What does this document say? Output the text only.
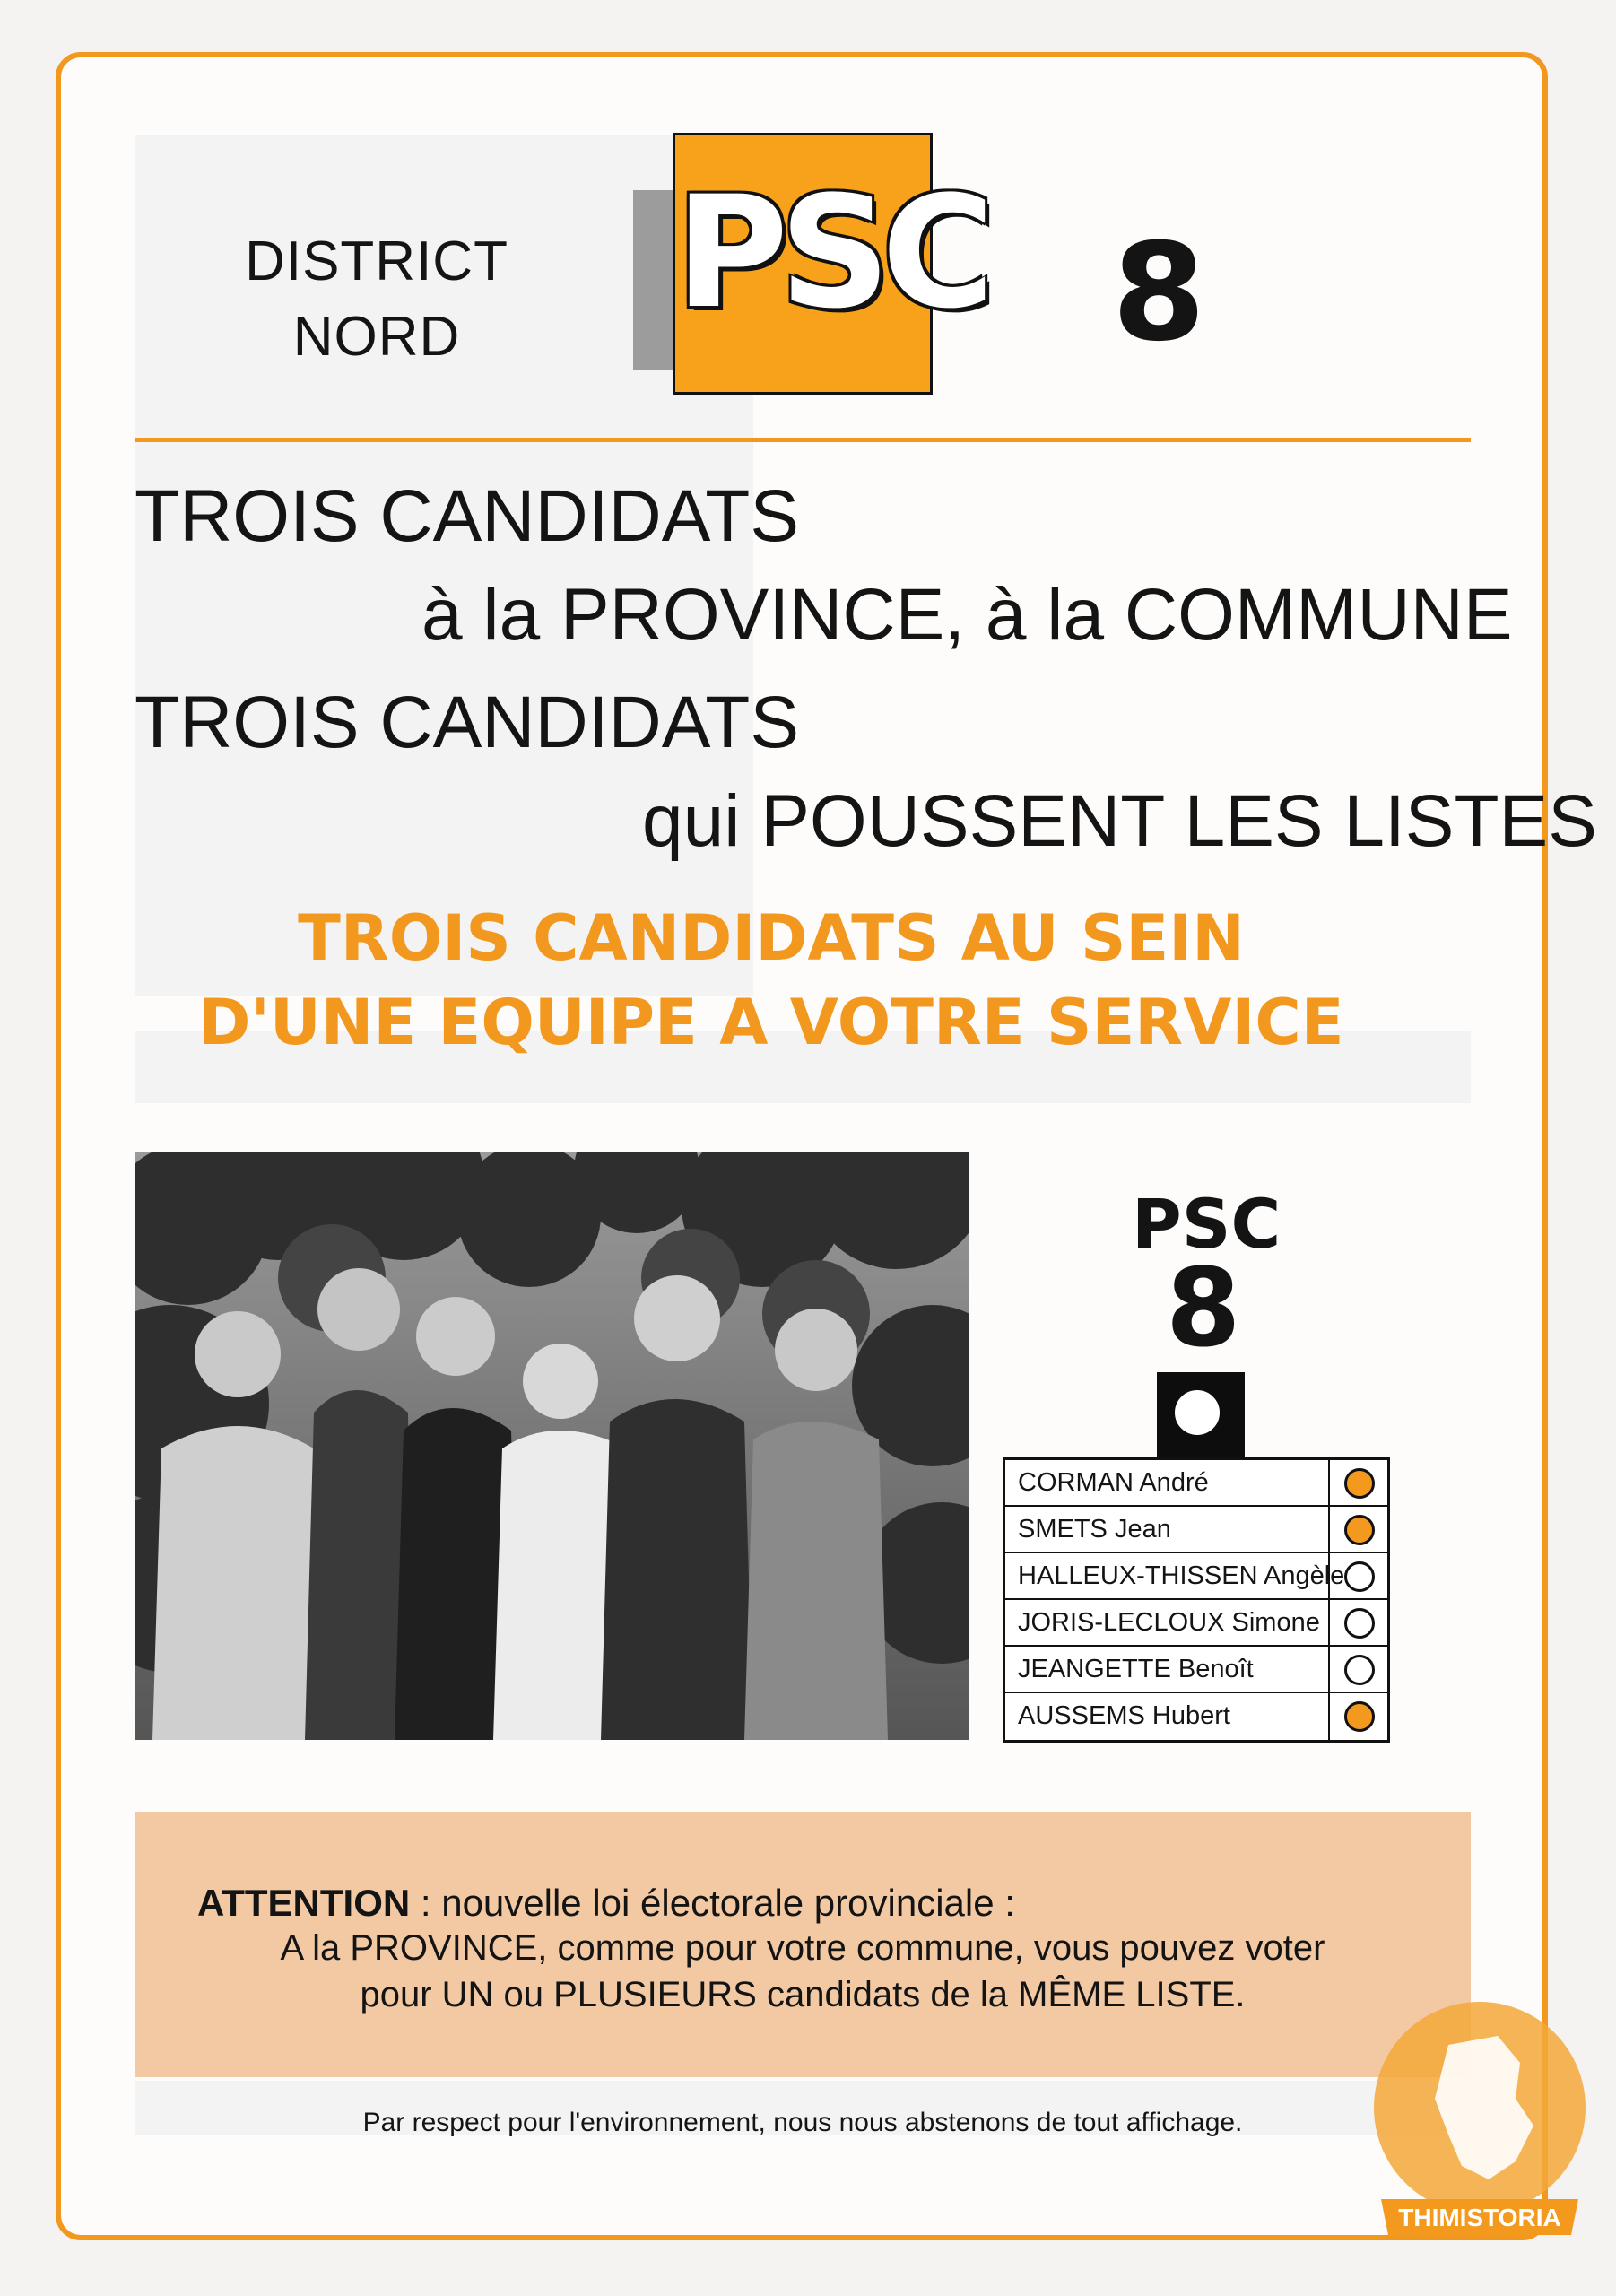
DISTRICT
NORD	PSC 8
TROIS CANDIDATS
à la PROVINCE, à la COMMUNE
TROIS CANDIDATS
qui POUSSENT LES LISTES
TROIS CANDIDATS AU SEIN
D'UNE EQUIPE A VOTRE SERVICE
PSC
8
CORMAN André
SMETS Jean
HALLEUX-THISSEN Angèle
JORIS-LECLOUX Simone
JEANGETTE Benoît
AUSSEMS Hubert
ATTENTION : nouvelle loi électorale provinciale :
A la PROVINCE, comme pour votre commune, vous pouvez voter
pour UN ou PLUSIEURS candidats de la MÊME LISTE.
Par respect pour l'environnement, nous nous abstenons de tout affichage.
THIMISTORIA
